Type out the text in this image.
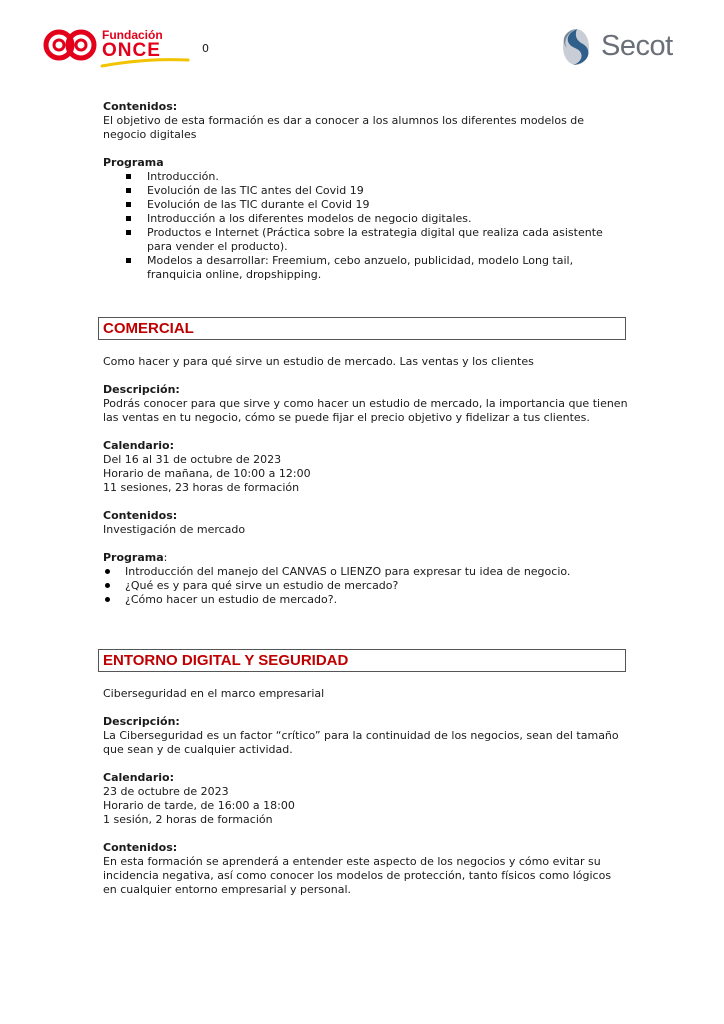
Fundación
ONCE	0	Secot

Contenidos:

El objetivo de esta formación es dar a conocer a los alumnos los diferentes modelos de negocio digitales

Programa

Introducción.
Evolución de las TIC antes del Covid 19
Evolución de las TIC durante el Covid 19
Introducción a los diferentes modelos de negocio digitales.
Productos e Internet (Práctica sobre la estrategia digital que realiza cada asistente para vender el producto).
Modelos a desarrollar: Freemium, cebo anzuelo, publicidad, modelo Long tail, franquicia online, dropshipping.
COMERCIAL

Como hacer y para qué sirve un estudio de mercado. Las ventas y los clientes

Descripción:

Podrás conocer para que sirve y como hacer un estudio de mercado, la importancia que tienen las ventas en tu negocio, cómo se puede fijar el precio objetivo y fidelizar a tus clientes.

Calendario:

Del 16 al 31 de octubre de 2023

Horario de mañana, de 10:00 a 12:00

11 sesiones, 23 horas de formación

Contenidos:

Investigación de mercado

Programa:

Introducción del manejo del CANVAS o LIENZO para expresar tu idea de negocio.
¿Qué es y para qué sirve un estudio de mercado?
¿Cómo hacer un estudio de mercado?.
ENTORNO DIGITAL Y SEGURIDAD

Ciberseguridad en el marco empresarial

Descripción:

La Ciberseguridad es un factor “crítico” para la continuidad de los negocios, sean del tamaño que sean y de cualquier actividad.

Calendario:

23 de octubre de 2023

Horario de tarde, de 16:00 a 18:00

1 sesión, 2 horas de formación

Contenidos:

En esta formación se aprenderá a entender este aspecto de los negocios y cómo evitar su incidencia negativa, así como conocer los modelos de protección, tanto físicos como lógicos en cualquier entorno empresarial y personal.
